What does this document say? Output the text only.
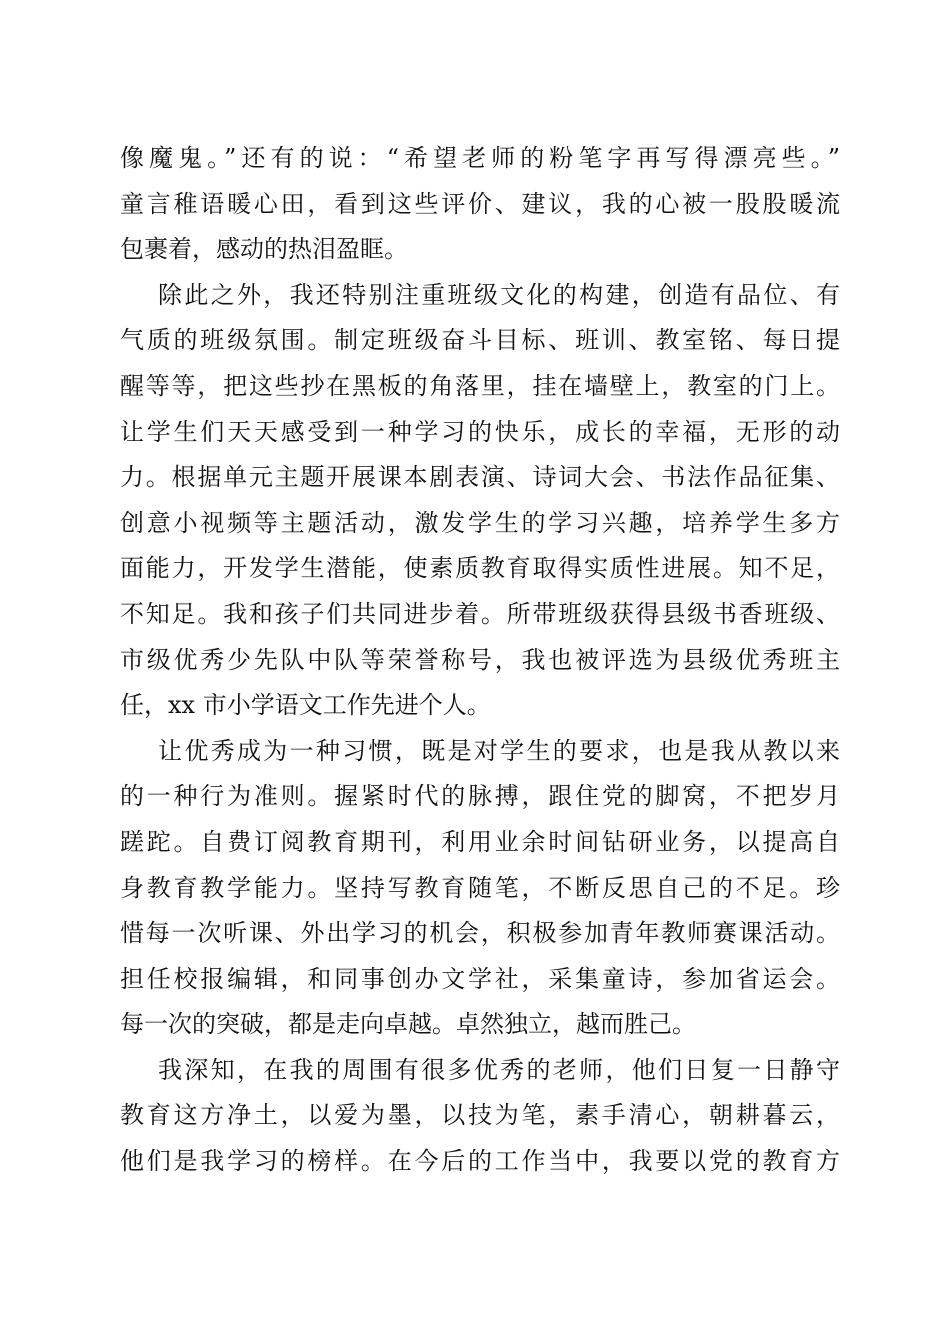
像魔鬼。”还有的说：“希望老师的粉笔字再写得漂亮些。”
童言稚语暖心田，看到这些评价、建议，我的心被一股股暖流
包裹着，感动的热泪盈眶。
除此之外，我还特别注重班级文化的构建，创造有品位、有
气质的班级氛围。制定班级奋斗目标、班训、教室铭、每日提
醒等等，把这些抄在黑板的角落里，挂在墙壁上，教室的门上。
让学生们天天感受到一种学习的快乐，成长的幸福，无形的动
力。根据单元主题开展课本剧表演、诗词大会、书法作品征集、
创意小视频等主题活动，激发学生的学习兴趣，培养学生多方
面能力，开发学生潜能，使素质教育取得实质性进展。知不足，
不知足。我和孩子们共同进步着。所带班级获得县级书香班级、
市级优秀少先队中队等荣誉称号，我也被评选为县级优秀班主
任，xx 市小学语文工作先进个人。
让优秀成为一种习惯，既是对学生的要求，也是我从教以来
的一种行为准则。握紧时代的脉搏，跟住党的脚窝，不把岁月
蹉跎。自费订阅教育期刊，利用业余时间钻研业务，以提高自
身教育教学能力。坚持写教育随笔，不断反思自己的不足。珍
惜每一次听课、外出学习的机会，积极参加青年教师赛课活动。
担任校报编辑，和同事创办文学社，采集童诗，参加省运会。
每一次的突破，都是走向卓越。卓然独立，越而胜己。
我深知，在我的周围有很多优秀的老师，他们日复一日静守
教育这方净土，以爱为墨，以技为笔，素手清心，朝耕暮云，
他们是我学习的榜样。在今后的工作当中，我要以党的教育方
